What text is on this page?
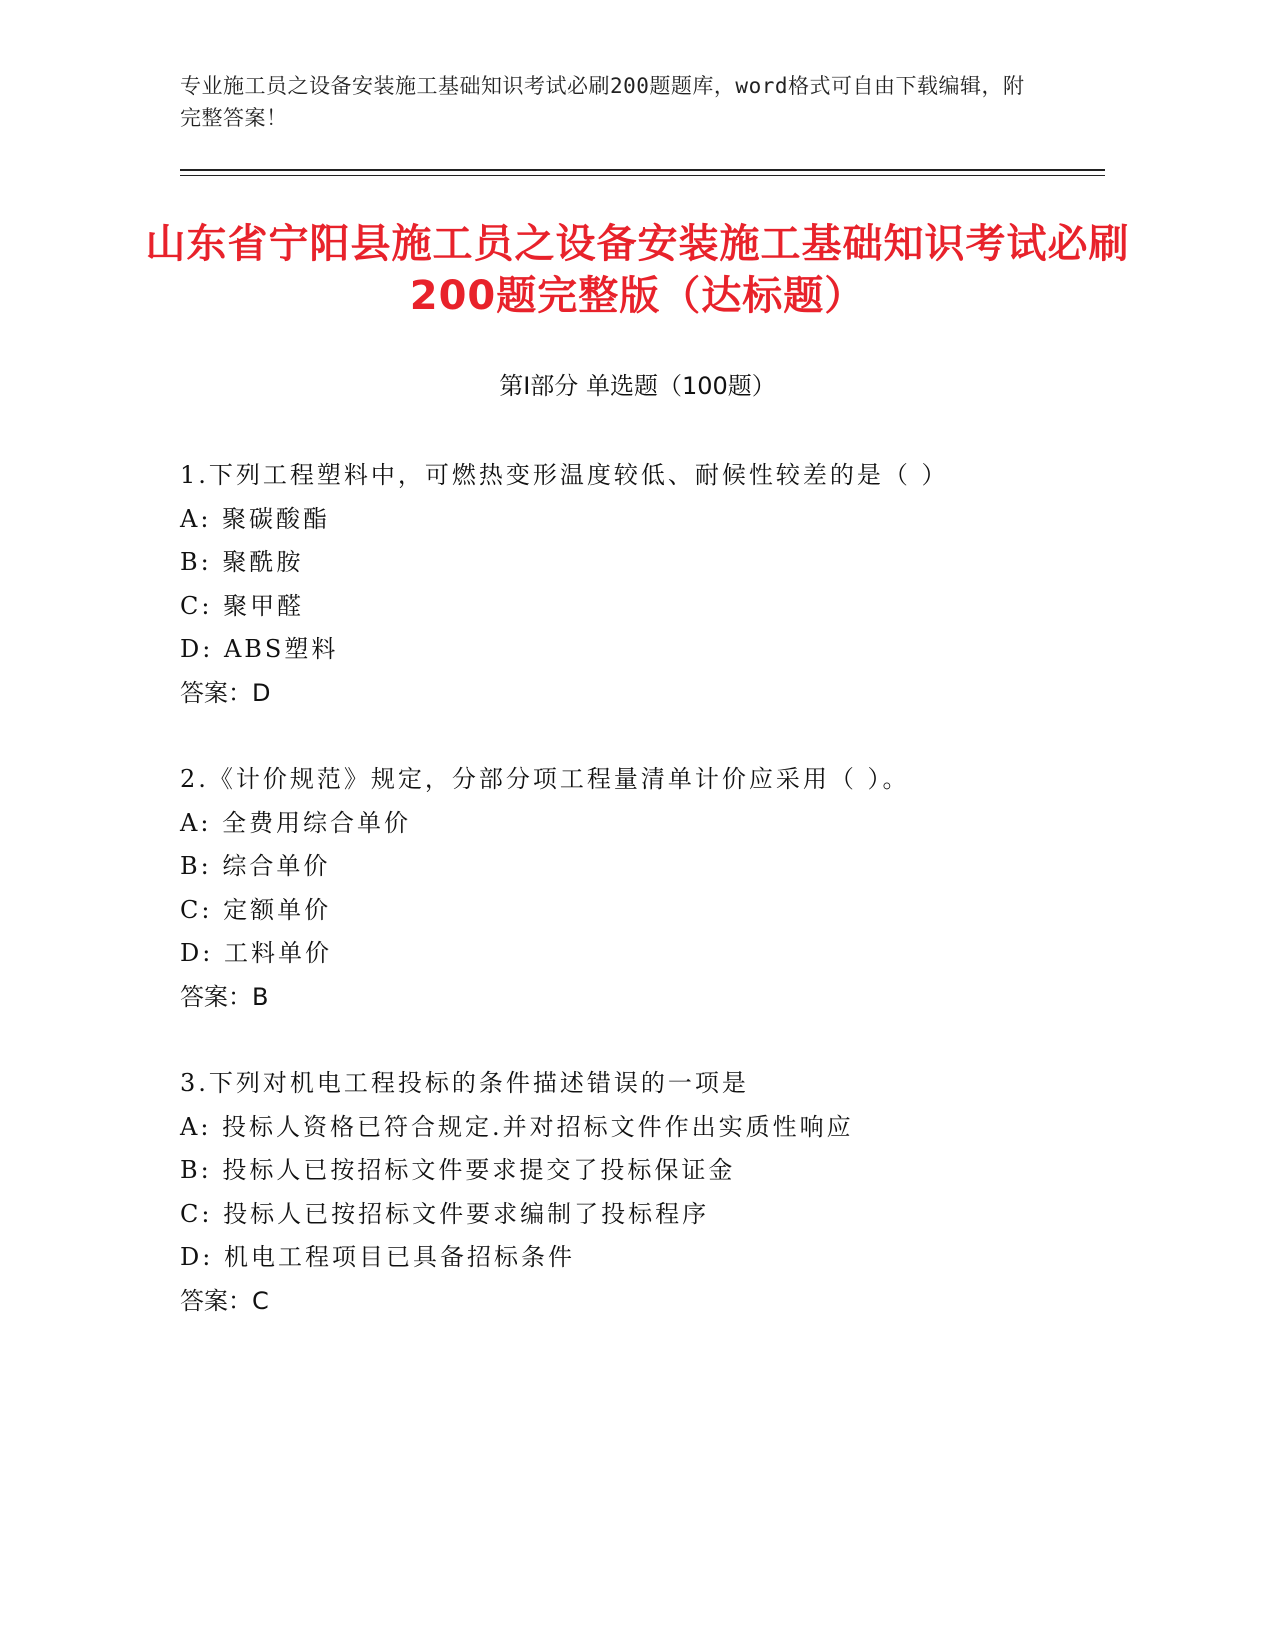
专业施工员之设备安装施工基础知识考试必刷200题题库，word格式可自由下载编辑，附完整答案！
山东省宁阳县施工员之设备安装施工基础知识考试必刷200题完整版（达标题）
第Ⅰ部分 单选题（100题）
1.下列工程塑料中，可燃热变形温度较低、耐候性较差的是（ ）
A: 聚碳酸酯
B: 聚酰胺
C: 聚甲醛
D: ABS塑料
答案：D
2.《计价规范》规定，分部分项工程量清单计价应采用（ ）。
A: 全费用综合单价
B: 综合单价
C: 定额单价
D: 工料单价
答案：B
3.下列对机电工程投标的条件描述错误的一项是
A: 投标人资格已符合规定.并对招标文件作出实质性响应
B: 投标人已按招标文件要求提交了投标保证金
C: 投标人已按招标文件要求编制了投标程序
D: 机电工程项目已具备招标条件
答案：C
